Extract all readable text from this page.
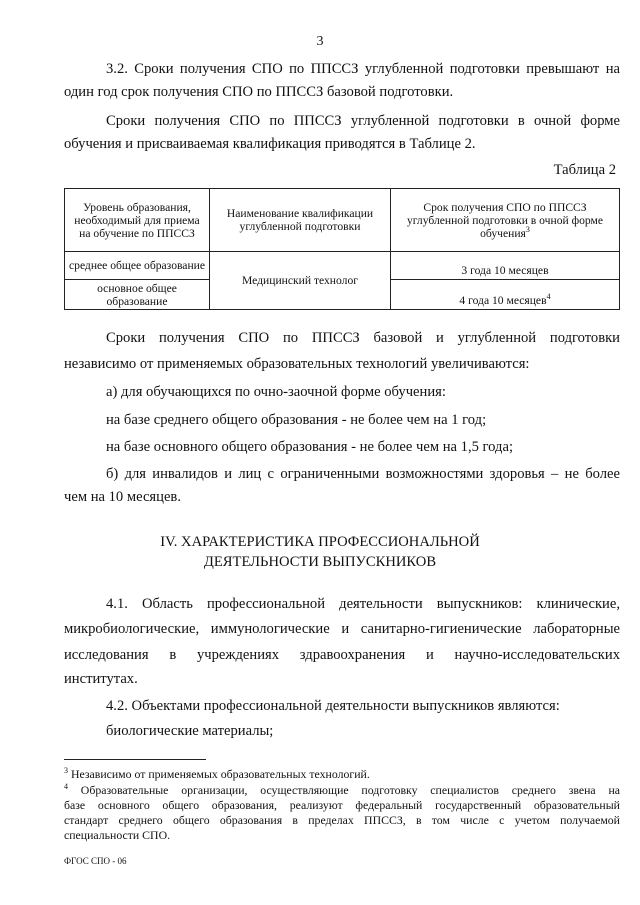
3
3.2. Сроки получения СПО по ППССЗ углубленной подготовки превышают на
один год срок получения СПО по ППССЗ базовой подготовки.
Сроки получения СПО по ППССЗ углубленной подготовки в очной форме
обучения и присваиваемая квалификация приводятся в Таблице 2.
Таблица 2
Уровень образования, необходимый для приема на обучение по ППССЗ	Наименование квалификации углубленной подготовки	Срок получения СПО по ППССЗ углубленной подготовки в очной форме обучения$^3$
среднее общее образование	Медицинский технолог	3 года 10 месяцев
основное общее образование		4 года 10 месяцев$^4$
Сроки получения СПО по ППССЗ базовой и углубленной подготовки
независимо от применяемых образовательных технологий увеличиваются:
а) для обучающихся по очно-заочной форме обучения:
на базе среднего общего образования - не более чем на 1 год;
на базе основного общего образования - не более чем на 1,5 года;
б) для инвалидов и лиц с ограниченными возможностями здоровья – не более
чем на 10 месяцев.
IV. ХАРАКТЕРИСТИКА ПРОФЕССИОНАЛЬНОЙ
ДЕЯТЕЛЬНОСТИ ВЫПУСКНИКОВ
4.1. Область профессиональной деятельности выпускников: клинические,
микробиологические, иммунологические и санитарно-гигиенические лабораторные
исследования в учреждениях здравоохранения и научно-исследовательских
институтах.
4.2. Объектами профессиональной деятельности выпускников являются:
биологические материалы;
$^3$ Независимо от применяемых образовательных технологий.
$^4$ Образовательные организации, осуществляющие подготовку специалистов среднего звена на
базе основного общего образования, реализуют федеральный государственный образовательный
стандарт среднего общего образования в пределах ППССЗ, в том числе с учетом получаемой
специальности СПО.
ФГОС СПО - 06
